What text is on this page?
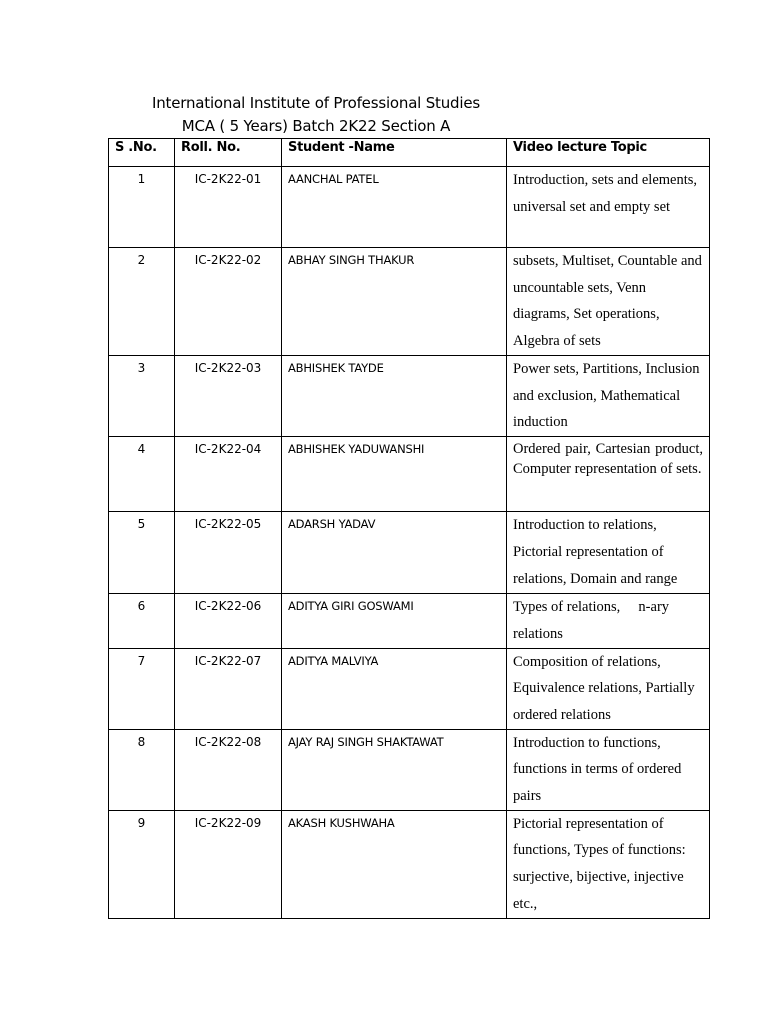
International Institute of Professional Studies
MCA ( 5 Years) Batch 2K22 Section A
S .No.	Roll. No.	Student -Name	Video lecture Topic
1	IC-2K22-01	AANCHAL PATEL	Introduction, sets and elements, universal set and empty set
2	IC-2K22-02	ABHAY SINGH THAKUR	subsets, Multiset, Countable and uncountable sets, Venn diagrams, Set operations, Algebra of sets
3	IC-2K22-03	ABHISHEK TAYDE	Power sets, Partitions, Inclusion and exclusion, Mathematical induction
4	IC-2K22-04	ABHISHEK YADUWANSHI	Ordered pair, Cartesian product, Computer representation of sets.
5	IC-2K22-05	ADARSH YADAV	Introduction to relations, Pictorial representation of relations, Domain and range
6	IC-2K22-06	ADITYA GIRI GOSWAMI	Types of relations,     n-ary relations
7	IC-2K22-07	ADITYA MALVIYA	Composition of relations, Equivalence relations, Partially ordered relations
8	IC-2K22-08	AJAY RAJ SINGH SHAKTAWAT	Introduction to functions, functions in terms of ordered pairs
9	IC-2K22-09	AKASH KUSHWAHA	Pictorial representation of functions, Types of functions: surjective, bijective, injective etc.,
